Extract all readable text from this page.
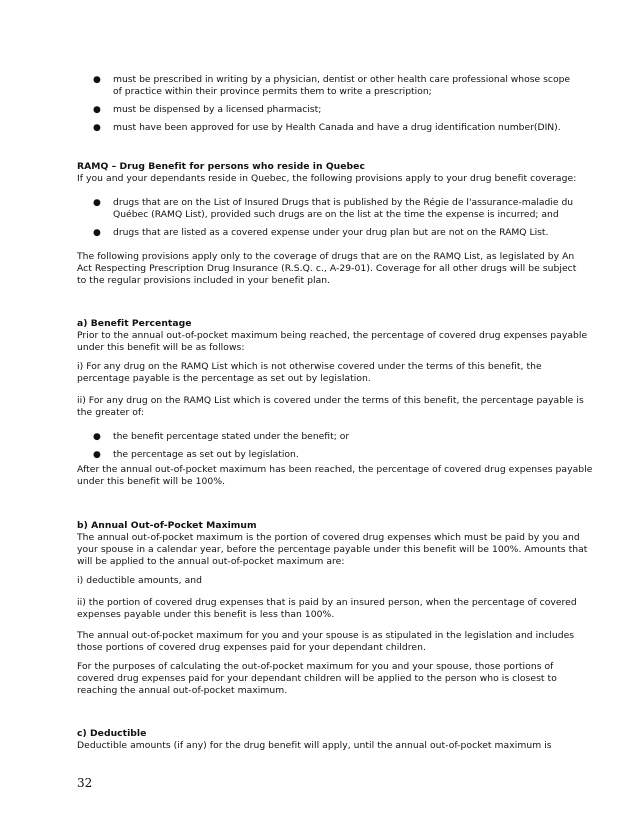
● must be prescribed in writing by a physician, dentist or other health care professional whose scope
of practice within their province permits them to write a prescription;
● must be dispensed by a licensed pharmacist;
● must have been approved for use by Health Canada and have a drug identification number(DIN).
RAMQ – Drug Benefit for persons who reside in Quebec
If you and your dependants reside in Quebec, the following provisions apply to your drug benefit coverage:
● drugs that are on the List of Insured Drugs that is published by the Régie de l'assurance-maladie du
Québec (RAMQ List), provided such drugs are on the list at the time the expense is incurred; and
● drugs that are listed as a covered expense under your drug plan but are not on the RAMQ List.
The following provisions apply only to the coverage of drugs that are on the RAMQ List, as legislated by An
Act Respecting Prescription Drug Insurance (R.S.Q. c., A-29-01). Coverage for all other drugs will be subject
to the regular provisions included in your benefit plan.
a) Benefit Percentage
Prior to the annual out-of-pocket maximum being reached, the percentage of covered drug expenses payable
under this benefit will be as follows:
i) For any drug on the RAMQ List which is not otherwise covered under the terms of this benefit, the
percentage payable is the percentage as set out by legislation.
ii) For any drug on the RAMQ List which is covered under the terms of this benefit, the percentage payable is
the greater of:
● the benefit percentage stated under the benefit; or
● the percentage as set out by legislation.
After the annual out-of-pocket maximum has been reached, the percentage of covered drug expenses payable
under this benefit will be 100%.
b) Annual Out-of-Pocket Maximum
The annual out-of-pocket maximum is the portion of covered drug expenses which must be paid by you and
your spouse in a calendar year, before the percentage payable under this benefit will be 100%. Amounts that
will be applied to the annual out-of-pocket maximum are:
i) deductible amounts, and
ii) the portion of covered drug expenses that is paid by an insured person, when the percentage of covered
expenses payable under this benefit is less than 100%.
The annual out-of-pocket maximum for you and your spouse is as stipulated in the legislation and includes
those portions of covered drug expenses paid for your dependant children.
For the purposes of calculating the out-of-pocket maximum for you and your spouse, those portions of
covered drug expenses paid for your dependant children will be applied to the person who is closest to
reaching the annual out-of-pocket maximum.
c) Deductible
Deductible amounts (if any) for the drug benefit will apply, until the annual out-of-pocket maximum is
32
